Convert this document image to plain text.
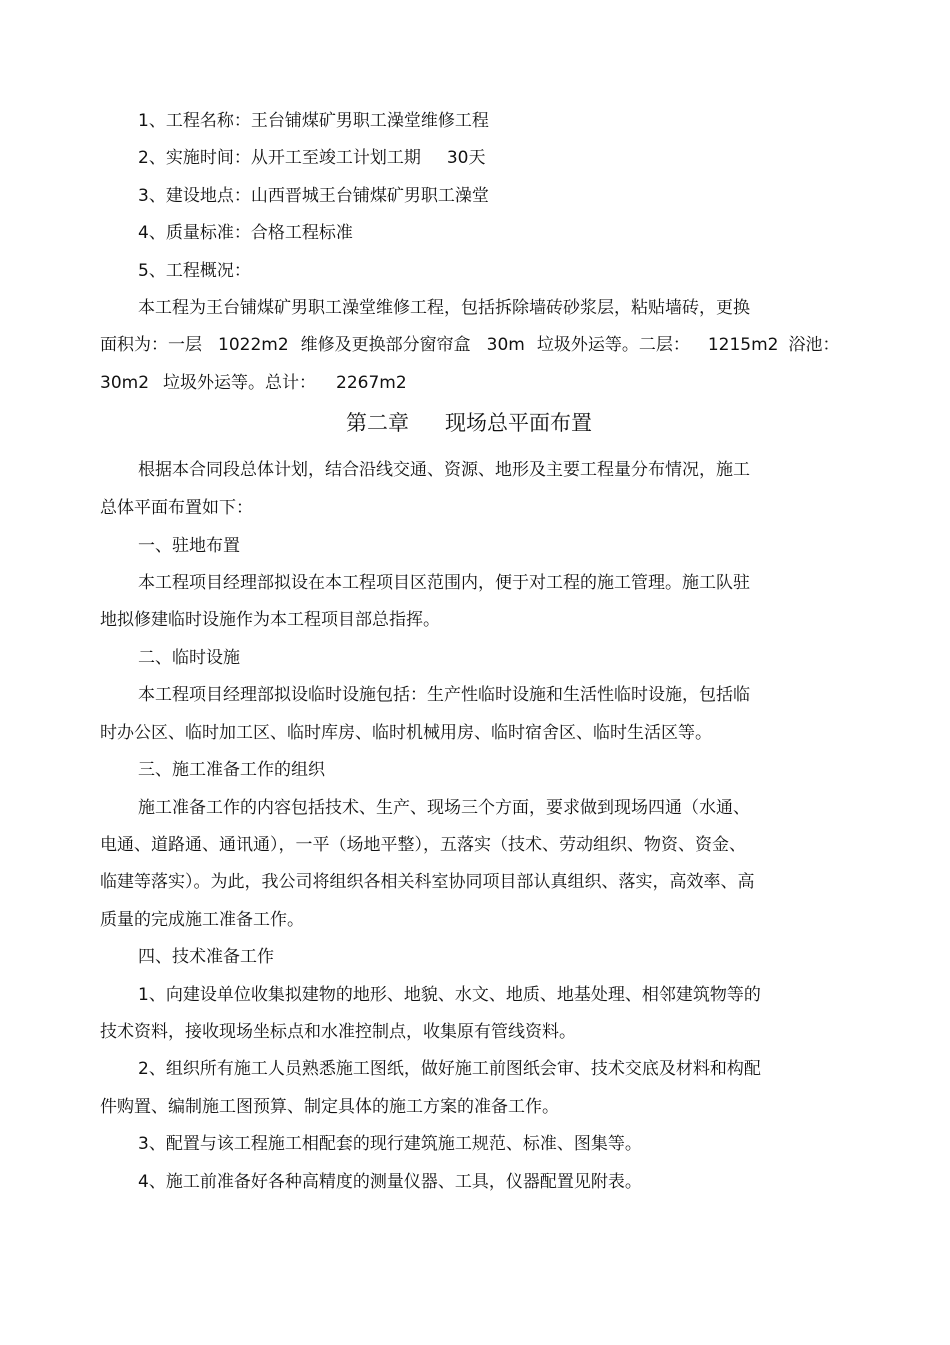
1、工程名称：王台铺煤矿男职工澡堂维修工程
2、实施时间：从开工至竣工计划工期 30天
3、建设地点：山西晋城王台铺煤矿男职工澡堂
4、质量标准：合格工程标准
5、工程概况：
本工程为王台铺煤矿男职工澡堂维修工程，包括拆除墙砖砂浆层，粘贴墙砖，更换
面积为：一层 1022m2 维修及更换部分窗帘盒 30m 垃圾外运等。二层： 1215m2 浴池：
30m2 垃圾外运等。总计： 2267m2
第二章 现场总平面布置
根据本合同段总体计划，结合沿线交通、资源、地形及主要工程量分布情况，施工
总体平面布置如下：
一、驻地布置
本工程项目经理部拟设在本工程项目区范围内，便于对工程的施工管理。施工队驻
地拟修建临时设施作为本工程项目部总指挥。
二、临时设施
本工程项目经理部拟设临时设施包括：生产性临时设施和生活性临时设施，包括临
时办公区、临时加工区、临时库房、临时机械用房、临时宿舍区、临时生活区等。
三、施工准备工作的组织
施工准备工作的内容包括技术、生产、现场三个方面，要求做到现场四通（水通、
电通、道路通、通讯通），一平（场地平整），五落实（技术、劳动组织、物资、资金、
临建等落实）。为此，我公司将组织各相关科室协同项目部认真组织、落实，高效率、高
质量的完成施工准备工作。
四、技术准备工作
1、向建设单位收集拟建物的地形、地貌、水文、地质、地基处理、相邻建筑物等的
技术资料，接收现场坐标点和水准控制点，收集原有管线资料。
2、组织所有施工人员熟悉施工图纸，做好施工前图纸会审、技术交底及材料和构配
件购置、编制施工图预算、制定具体的施工方案的准备工作。
3、配置与该工程施工相配套的现行建筑施工规范、标准、图集等。
4、施工前准备好各种高精度的测量仪器、工具，仪器配置见附表。
